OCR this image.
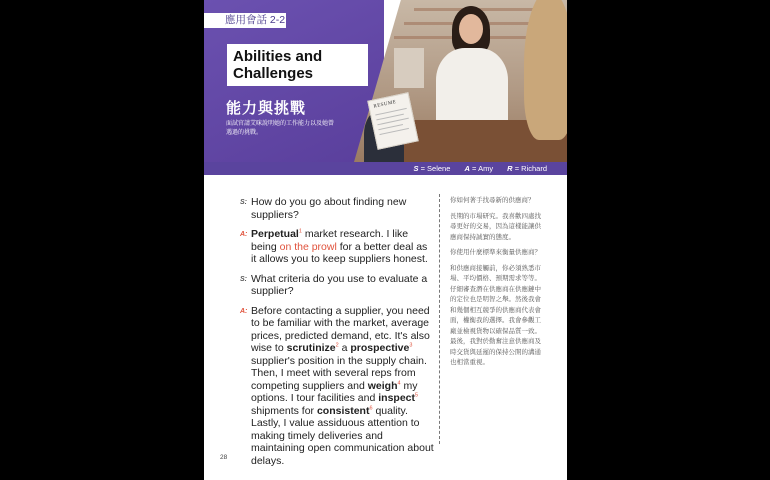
RESUME
應用會話 2-2
Abilities and Challenges
能力與挑戰
面試官請艾咪說明她的工作能力以及她曾遇過的挑戰。
S = Selene A = Amy R = Richard
S: How do you go about finding new suppliers?
A: Perpetual$^1$ market research. I like being on the prowl for a better deal as it allows you to keep suppliers honest.
S: What criteria do you use to evaluate a supplier?
A: Before contacting a supplier, you need to be familiar with the market, average prices, predicted demand, etc. It's also wise to scrutinize$^2$ a prospective$^3$ supplier's position in the supply chain. Then, I meet with several reps from competing suppliers and weigh$^4$ my options. I tour facilities and inspect$^5$ shipments for consistent$^6$ quality. Lastly, I value assiduous attention to making timely deliveries and maintaining open communication about delays.

你如何著手找尋新的供應商？

長期的市場研究。我喜歡四處找尋更好的交易，因為這樣能讓供應商保持誠實的態度。

你使用什麼標準來衡量供應商？

和供應商接觸前，你必須熟悉市場、平均價格、預期需求等等。仔細審查潛在供應商在供應鏈中的定位也是明智之舉。然後我會和幾個相互競爭的供應商代表會面，權衡我的選擇。我會參觀工廠並檢視貨物以確保品質一致。最後，我對於勤奮注意供應商及時交貨與延遲的保持公開的溝通也相當重視。

28
